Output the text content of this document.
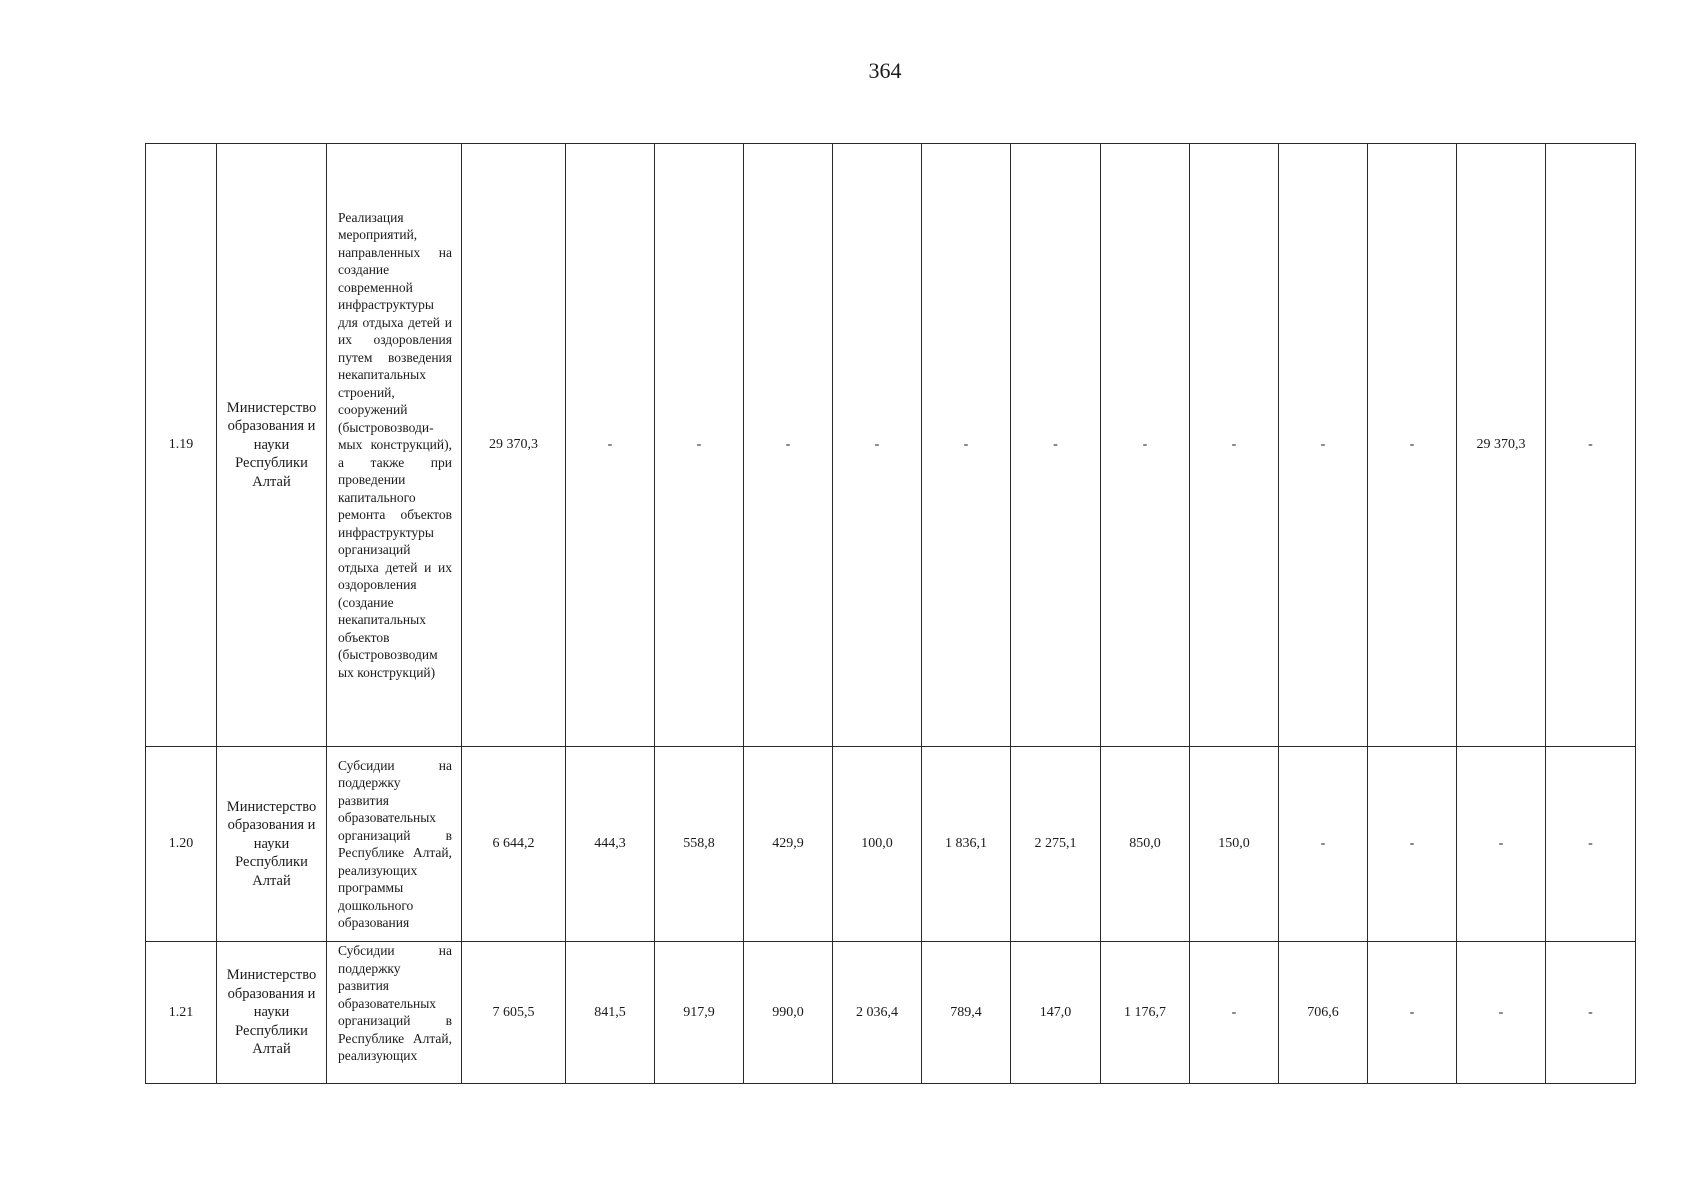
364
1.19	Министерство образования и науки Республики Алтай	Реализация мероприятий, направленных на создание современной инфраструктуры для отдыха детей и их оздоровления путем возведения некапитальных строений, сооружений (быстровозводи-мых конструкций), а также при проведении капитального ремонта объектов инфраструктуры организаций отдыха детей и их оздоровления (создание некапитальных объектов (быстровозводим ых конструкций)	29 370,3	-	-	-	-	-	-	-	-	-	-	29 370,3	-
1.20	Министерство образования и науки Республики Алтай	Субсидии на поддержку развития образовательных организаций в Республике Алтай, реализующих программы дошкольного образования	6 644,2	444,3	558,8	429,9	100,0	1 836,1	2 275,1	850,0	150,0	-	-	-	-
1.21	Министерство образования и науки Республики Алтай	Субсидии на поддержку развития образовательных организаций в Республике Алтай, реализующих	7 605,5	841,5	917,9	990,0	2 036,4	789,4	147,0	1 176,7	-	706,6	-	-	-
